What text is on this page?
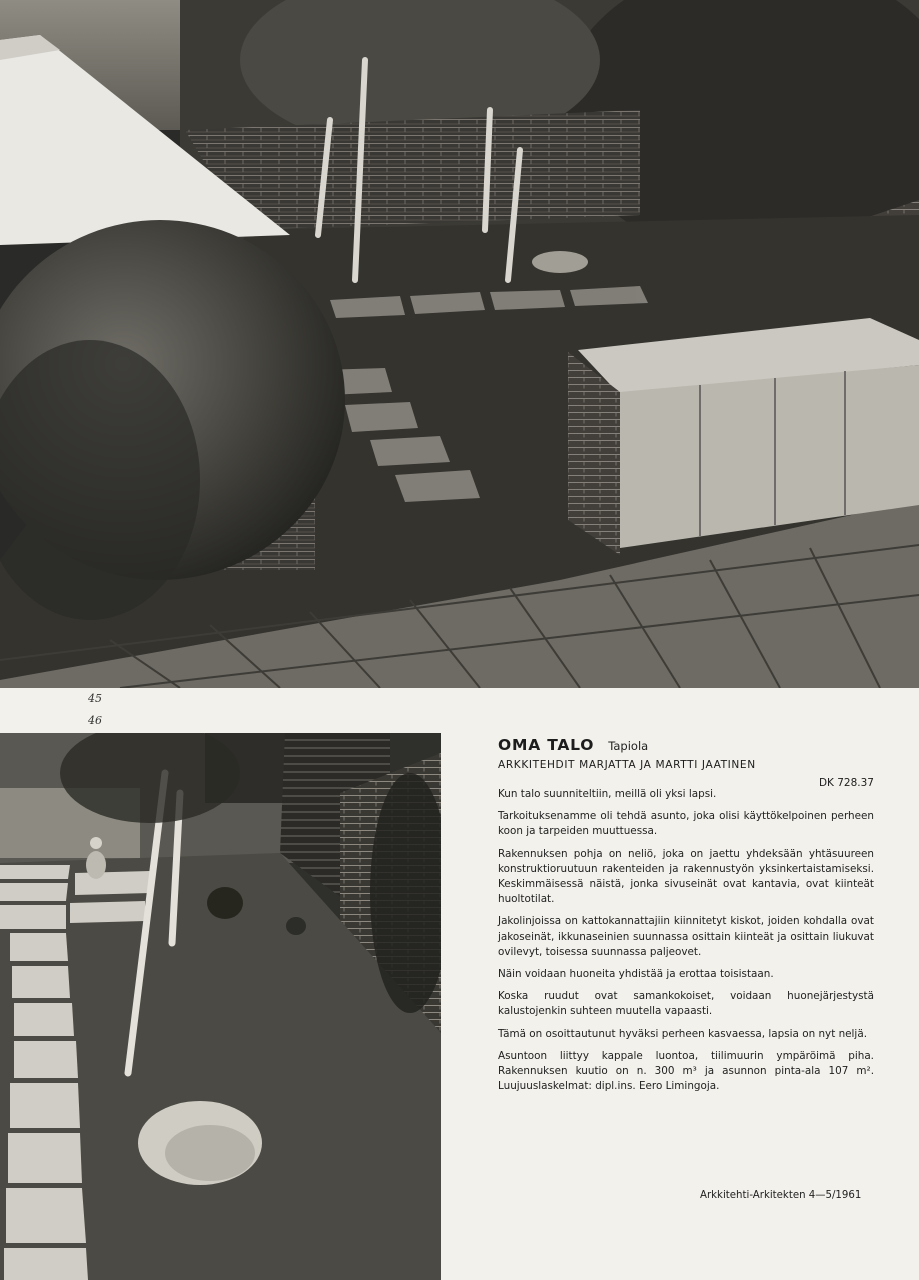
45
46
OMA TALO Tapiola
ARKKITEHDIT MARJATTA JA MARTTI JAATINEN
DK 728.37

Kun talo suunniteltiin, meillä oli yksi lapsi.

Tarkoituksenamme oli tehdä asunto, joka olisi käyttökelpoinen perheen koon ja tarpeiden muuttuessa.

Rakennuksen pohja on neliö, joka on jaettu yhdeksään yhtäsuureen konstruktioruutuun rakenteiden ja rakennustyön yksinkertaistamiseksi. Keskimmäisessä näistä, jonka sivuseinät ovat kantavia, ovat kiinteät huoltotilat.

Jakolinjoissa on kattokannattajiin kiinnitetyt kiskot, joiden kohdalla ovat jakoseinät, ikkunaseinien suunnassa osittain kiinteät ja osittain liukuvat ovilevyt, toisessa suunnassa paljeovet.

Näin voidaan huoneita yhdistää ja erottaa toisistaan.

Koska ruudut ovat samankokoiset, voidaan huonejärjestystä kalustojenkin suhteen muutella vapaasti.

Tämä on osoittautunut hyväksi perheen kasvaessa, lapsia on nyt neljä.

Asuntoon liittyy kappale luontoa, tiilimuurin ympäröimä piha. Rakennuksen kuutio on n. 300 m³ ja asunnon pinta-ala 107 m². Luujuuslaskelmat: dipl.ins. Eero Limingoja.

Arkkitehti-Arkitekten 4—5/1961
